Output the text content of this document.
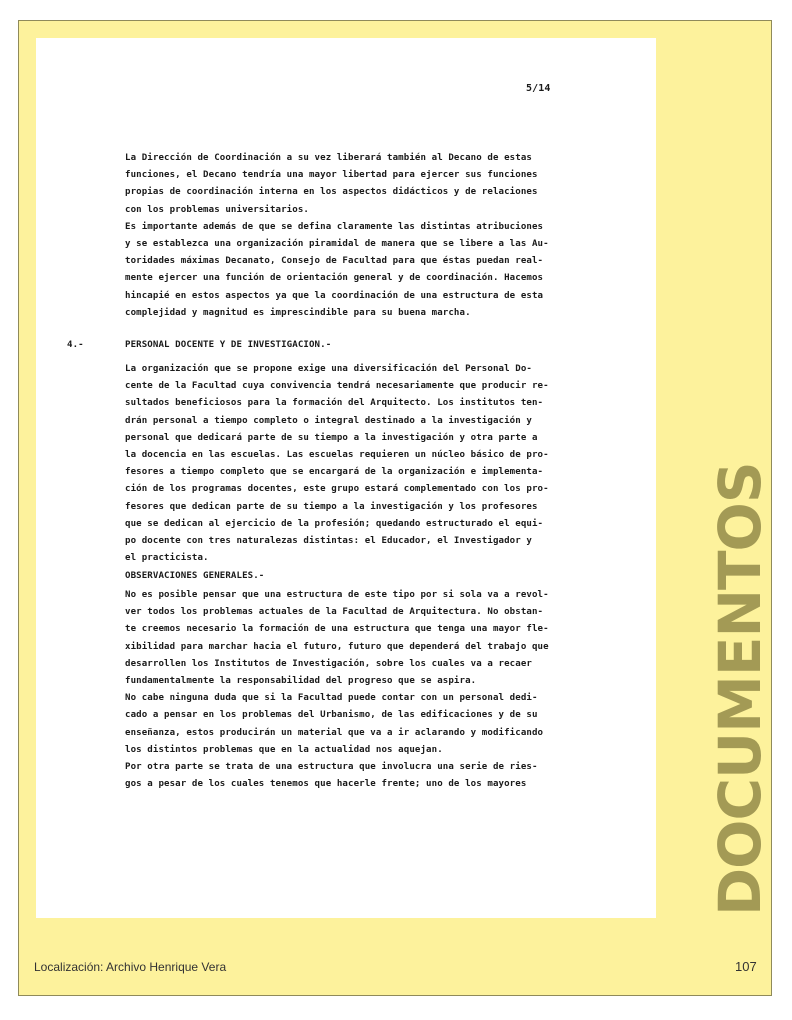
5/14
La Dirección de Coordinación a su vez liberará también al Decano de estas
funciones, el Decano tendría una mayor libertad para ejercer sus funciones
propias de coordinación interna en los aspectos didácticos y de relaciones
con los problemas universitarios.
Es importante además de que se defina claramente las distintas atribuciones
y se establezca una organización piramidal de manera que se libere a las Au-
toridades máximas Decanato, Consejo de Facultad para que éstas puedan real-
mente ejercer una función de orientación general y de coordinación. Hacemos
hincapié en estos aspectos ya que la coordinación de una estructura de esta
complejidad y magnitud es imprescindible para su buena marcha.
4.-	PERSONAL DOCENTE Y DE INVESTIGACION.-
La organización que se propone exige una diversificación del Personal Do-
cente de la Facultad cuya convivencia tendrá necesariamente que producir re-
sultados beneficiosos para la formación del Arquitecto. Los institutos ten-
drán personal a tiempo completo o integral destinado a la investigación y
personal que dedicará parte de su tiempo a la investigación y otra parte a
la docencia en las escuelas. Las escuelas requieren un núcleo básico de pro-
fesores a tiempo completo que se encargará de la organización e implementa-
ción de los programas docentes, este grupo estará complementado con los pro-
fesores que dedican parte de su tiempo a la investigación y los profesores
que se dedican al ejercicio de la profesión; quedando estructurado el equi-
po docente con tres naturalezas distintas: el Educador, el Investigador y
el practicista.
OBSERVACIONES GENERALES.-
No es posible pensar que una estructura de este tipo por si sola va a revol-
ver todos los problemas actuales de la Facultad de Arquitectura. No obstan-
te creemos necesario la formación de una estructura que tenga una mayor fle-
xibilidad para marchar hacia el futuro, futuro que dependerá del trabajo que
desarrollen los Institutos de Investigación, sobre los cuales va a recaer
fundamentalmente la responsabilidad del progreso que se aspira.
No cabe ninguna duda que si la Facultad puede contar con un personal dedi-
cado a pensar en los problemas del Urbanismo, de las edificaciones y de su
enseñanza, estos producirán un material que va a ir aclarando y modificando
los distintos problemas que en la actualidad nos aquejan.
Por otra parte se trata de una estructura que involucra una serie de ries-
gos a pesar de los cuales tenemos que hacerle frente; uno de los mayores	DOCUMENTOS
Localización: Archivo Henrique Vera	107
